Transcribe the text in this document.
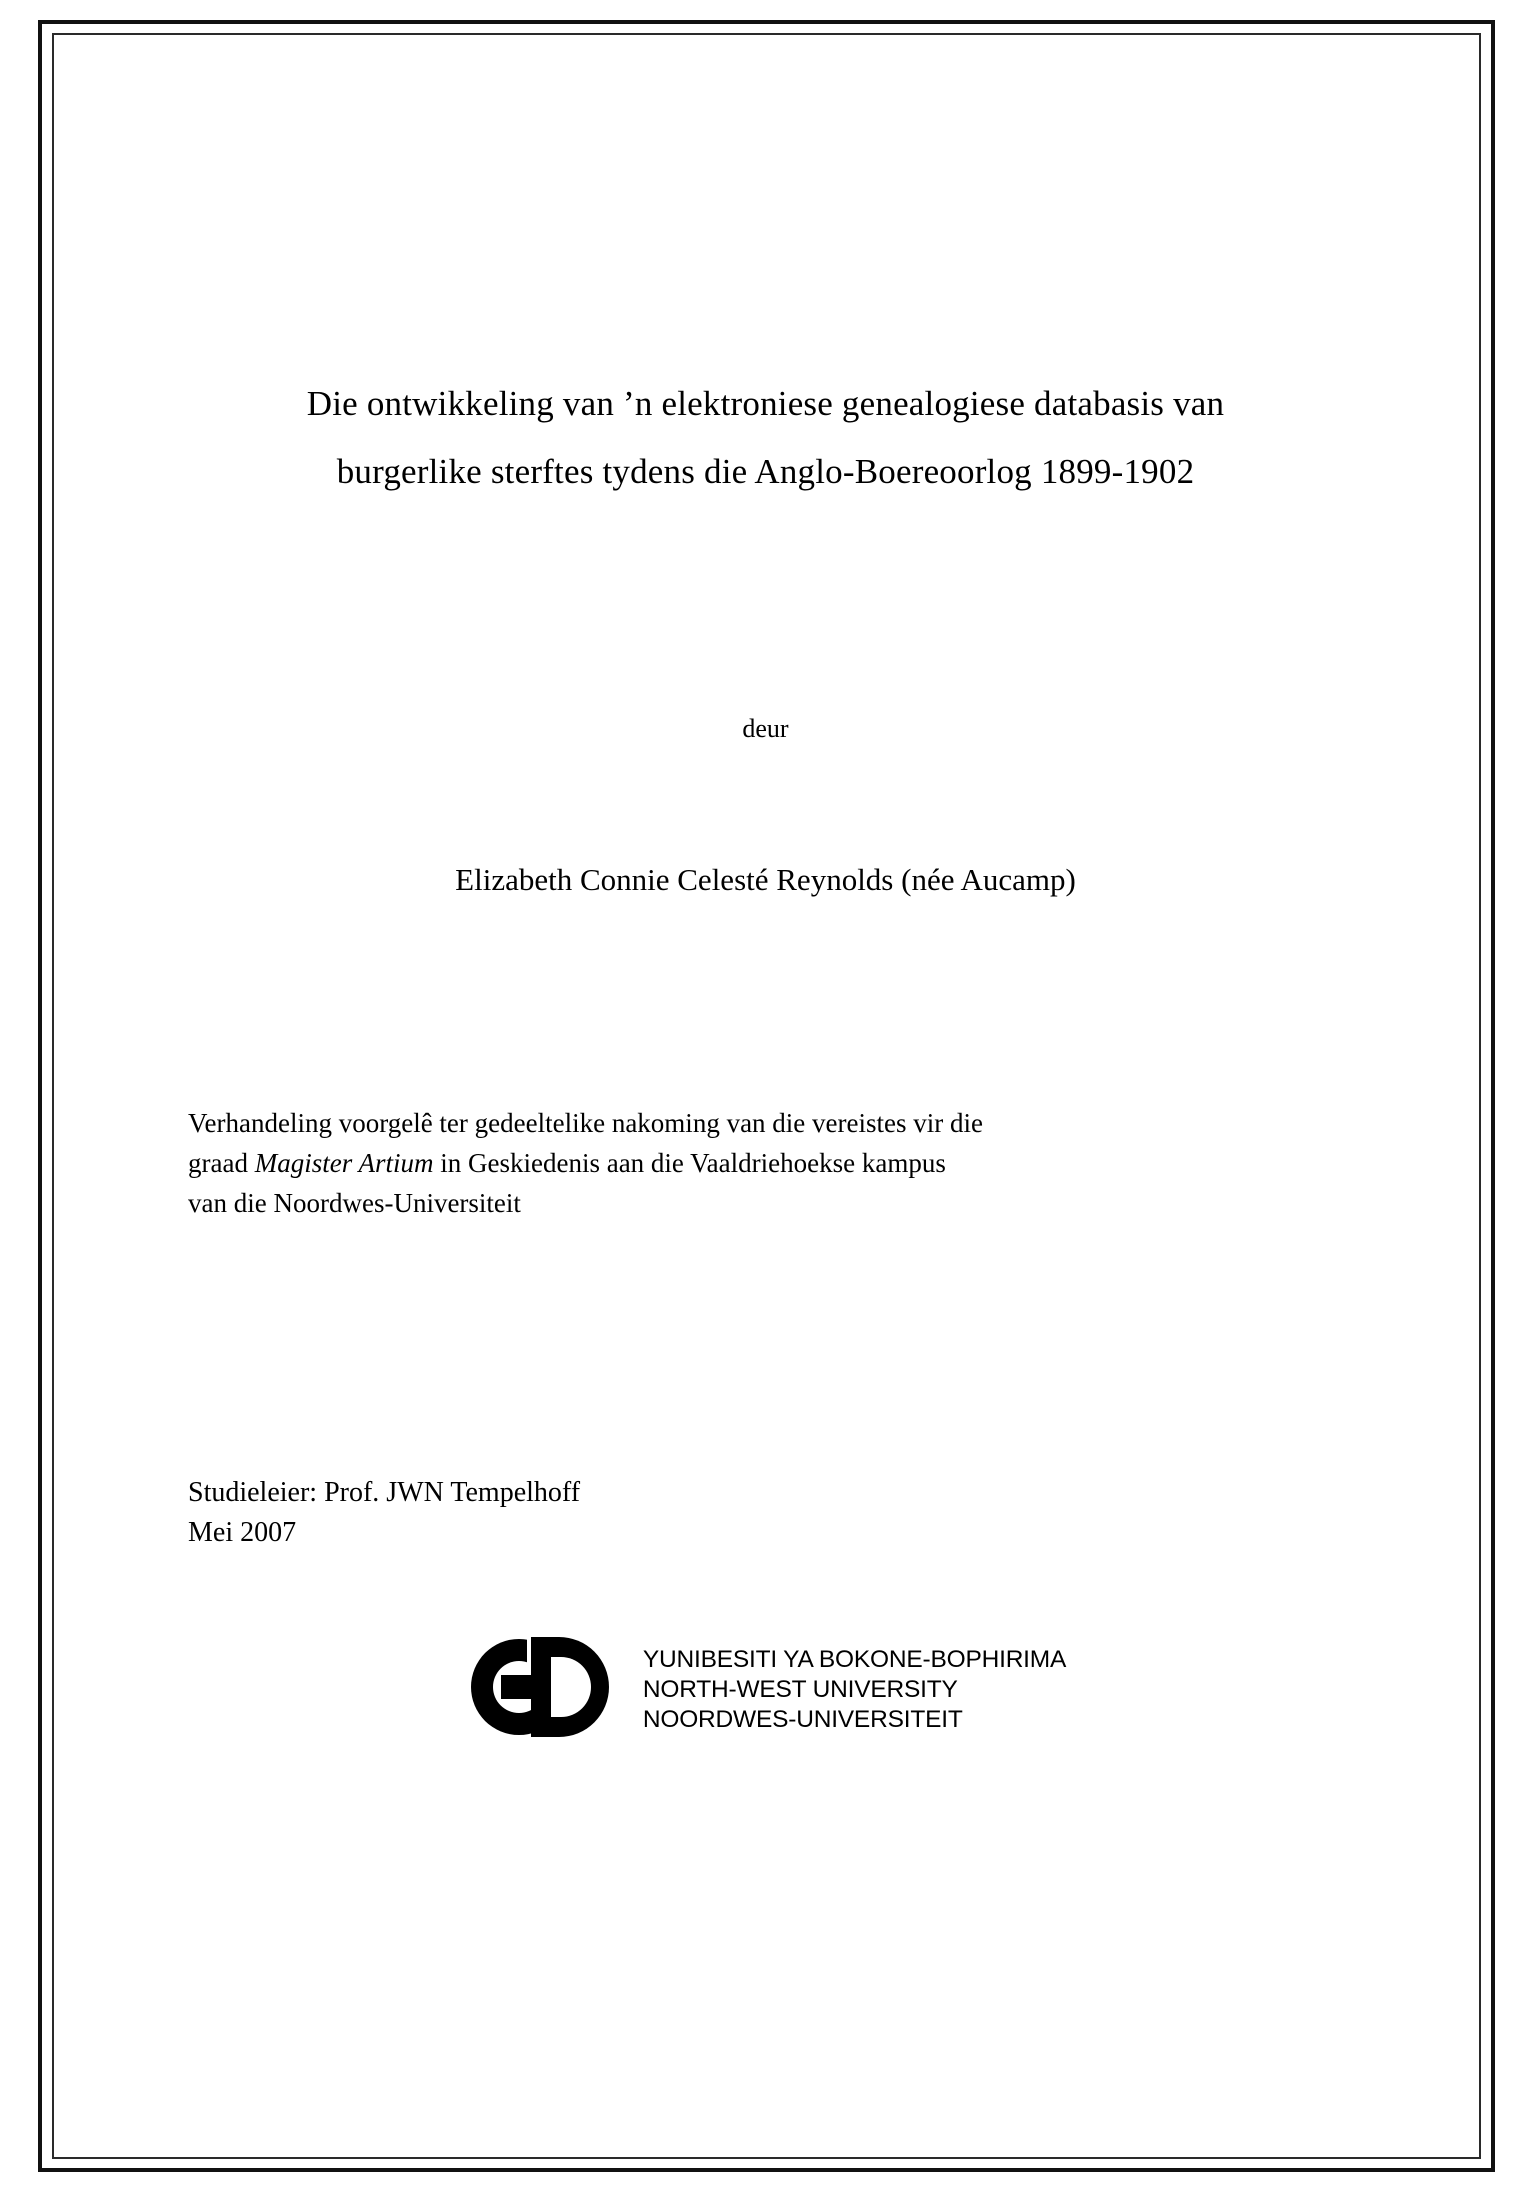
Die ontwikkeling van ’n elektroniese genealogiese databasis van
burgerlike sterftes tydens die Anglo-Boereoorlog 1899-1902
deur
Elizabeth Connie Celesté Reynolds (née Aucamp)
Verhandeling voorgelê ter gedeeltelike nakoming van die vereistes vir die
graad Magister Artium in Geskiedenis aan die Vaaldriehoekse kampus
van die Noordwes-Universiteit
Studieleier: Prof. JWN Tempelhoff
Mei 2007
YUNIBESITI YA BOKONE-BOPHIRIMA
NORTH-WEST UNIVERSITY
NOORDWES-UNIVERSITEIT
